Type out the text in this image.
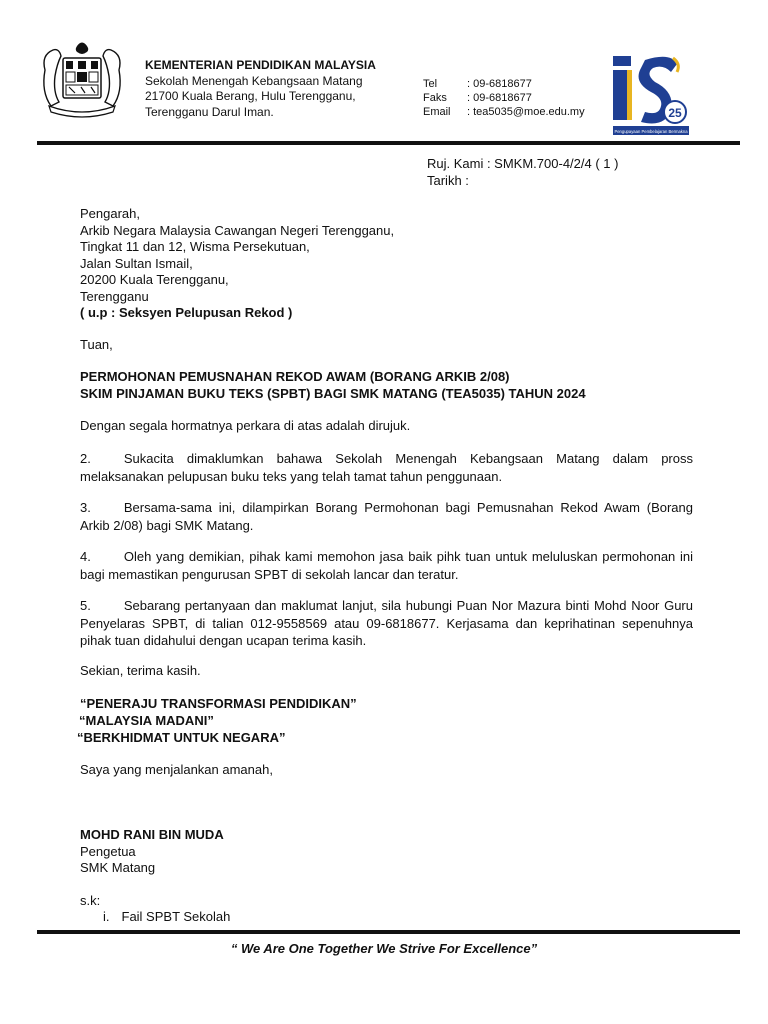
KEMENTERIAN PENDIDIKAN MALAYSIA
Sekolah Menengah Kebangsaan Matang
21700 Kuala Berang, Hulu Terengganu,
Terengganu Darul Iman.
Tel	: 09-6818677
Faks	: 09-6818677
Email	: tea5035@moe.edu.my	25
Pengupayaan Pembelajaran Bermakna
Ruj. Kami : SMKM.700-4/2/4 ( 1 )
Tarikh :
Pengarah,
Arkib Negara Malaysia Cawangan Negeri Terengganu,
Tingkat 11 dan 12, Wisma Persekutuan,
Jalan Sultan Ismail,
20200 Kuala Terengganu,
Terengganu
( u.p : Seksyen Pelupusan Rekod )
Tuan,
PERMOHONAN PEMUSNAHAN REKOD AWAM (BORANG ARKIB 2/08)
SKIM PINJAMAN BUKU TEKS (SPBT) BAGI SMK MATANG (TEA5035) TAHUN 2024
Dengan segala hormatnya perkara di atas adalah dirujuk.
2.	Sukacita dimaklumkan bahawa Sekolah Menengah Kebangsaan Matang dalam pross melaksanakan pelupusan buku teks yang telah tamat tahun penggunaan.
3.	Bersama-sama ini, dilampirkan Borang Permohonan bagi Pemusnahan Rekod Awam (Borang Arkib 2/08) bagi SMK Matang.
4.	Oleh yang demikian, pihak kami memohon jasa baik pihk tuan untuk meluluskan permohonan ini bagi memastikan pengurusan SPBT di sekolah lancar dan teratur.
5.	Sebarang pertanyaan dan maklumat lanjut, sila hubungi Puan Nor Mazura binti Mohd Noor Guru Penyelaras SPBT, di talian 012-9558569 atau 09-6818677. Kerjasama dan keprihatinan sepenuhnya pihak tuan didahului dengan ucapan terima kasih.
Sekian, terima kasih.
“PENERAJU TRANSFORMASI PENDIDIKAN”
“MALAYSIA MADANI”
“BERKHIDMAT UNTUK NEGARA”
Saya yang menjalankan amanah,
MOHD RANI BIN MUDA
Pengetua
SMK Matang
s.k:
i. Fail SPBT Sekolah
“ We Are One Together We Strive For Excellence”
